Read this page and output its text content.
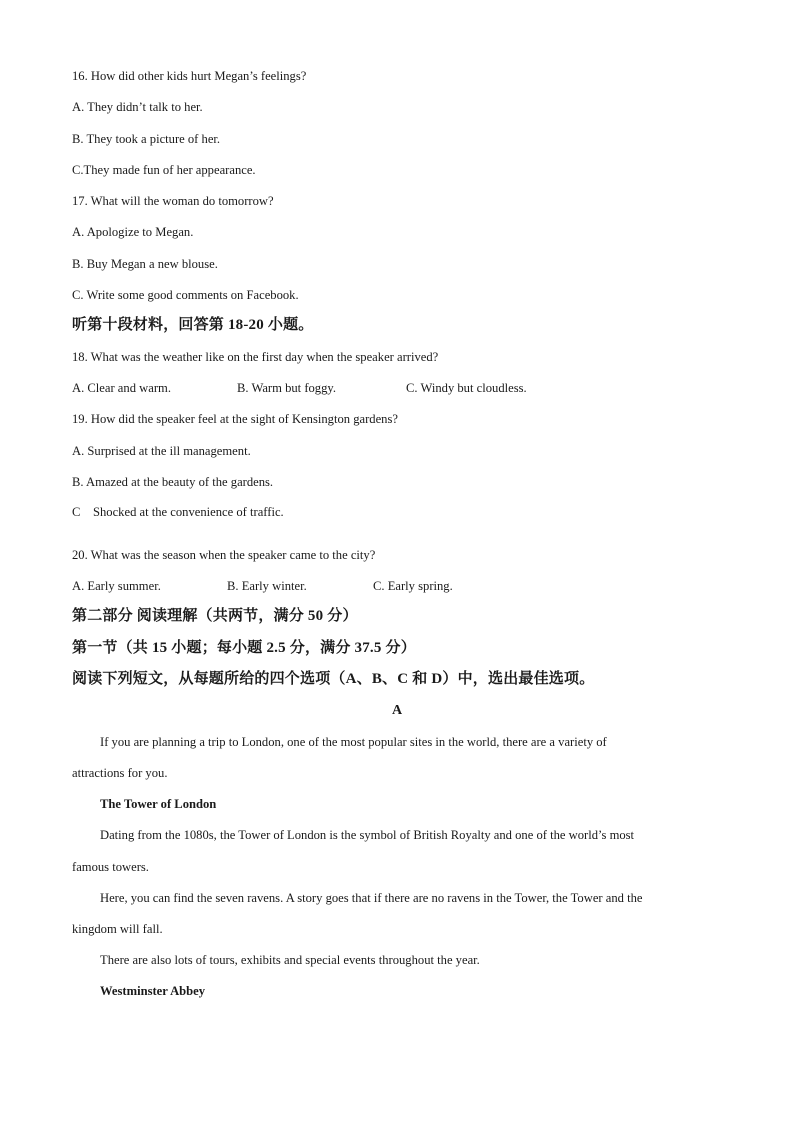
16. How did other kids hurt Megan’s feelings?
A. They didn’t talk to her.
B. They took a picture of her.
C.They made fun of her appearance.
17. What will the woman do tomorrow?
A. Apologize to Megan.
B. Buy Megan a new blouse.
C. Write some good comments on Facebook.
听第十段材料，回答第 18-20 小题。
18. What was the weather like on the first day when the speaker arrived?
A. Clear and warm.	B. Warm but foggy.	C. Windy but cloudless.
19. How did the speaker feel at the sight of Kensington gardens?
A. Surprised at the ill management.
B. Amazed at the beauty of the gardens.
C    Shocked at the convenience of traffic.
20. What was the season when the speaker came to the city?
A. Early summer.	B. Early winter.	C. Early spring.
第二部分 阅读理解（共两节，满分 50 分）
第一节（共 15 小题；每小题 2.5 分，满分 37.5 分）
阅读下列短文，从每题所给的四个选项（A、B、C 和 D）中，选出最佳选项。
A
If you are planning a trip to London, one of the most popular sites in the world, there are a variety of
attractions for you.
The Tower of London
Dating from the 1080s, the Tower of London is the symbol of British Royalty and one of the world’s most
famous towers.
Here, you can find the seven ravens. A story goes that if there are no ravens in the Tower, the Tower and the
kingdom will fall.
There are also lots of tours, exhibits and special events throughout the year.
Westminster Abbey
